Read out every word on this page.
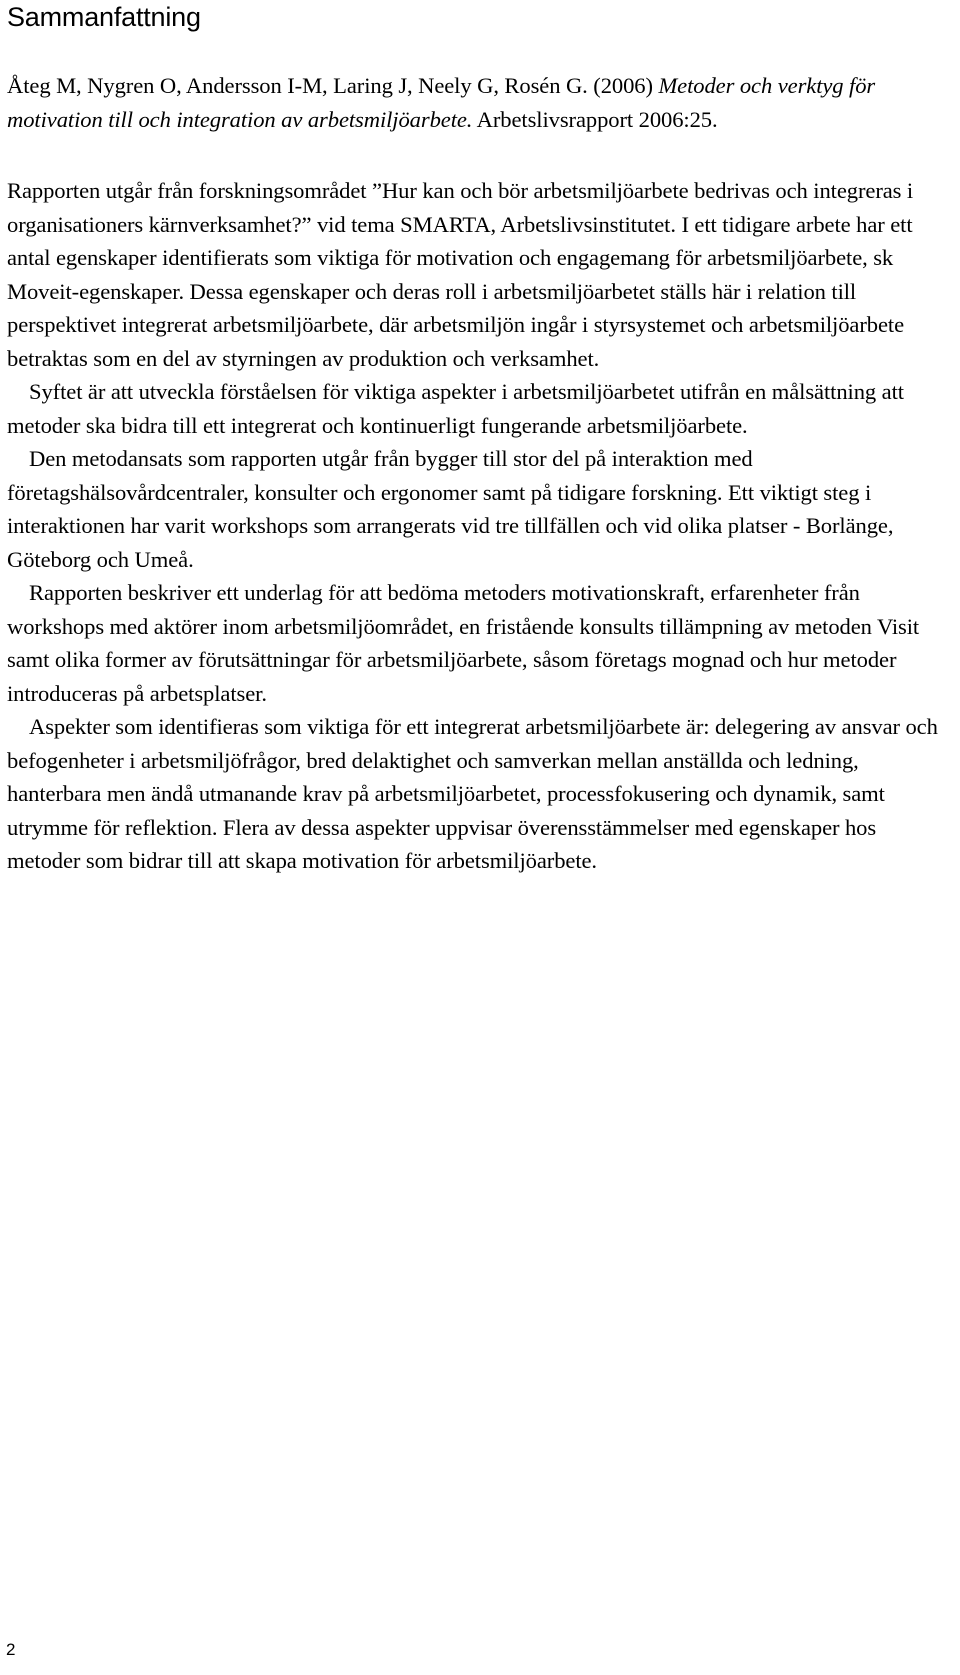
Sammanfattning

Åteg M, Nygren O, Andersson I-M, Laring J, Neely G, Rosén G. (2006) Metoder och verktyg för motivation till och integration av arbetsmiljöarbete. Arbetslivsrapport 2006:25.

Rapporten utgår från forskningsområdet ”Hur kan och bör arbetsmiljöarbete bedrivas och integreras i organisationers kärnverksamhet?” vid tema SMARTA, Arbetslivsinstitutet. I ett tidigare arbete har ett antal egenskaper identifierats som viktiga för motivation och engagemang för arbetsmiljöarbete, sk Moveit-egenskaper. Dessa egenskaper och deras roll i arbetsmiljöarbetet ställs här i relation till perspektivet integrerat arbetsmiljöarbete, där arbetsmiljön ingår i styrsystemet och arbetsmiljöarbete betraktas som en del av styrningen av produktion och verksamhet.

Syftet är att utveckla förståelsen för viktiga aspekter i arbetsmiljöarbetet utifrån en målsättning att metoder ska bidra till ett integrerat och kontinuerligt fungerande arbetsmiljöarbete.

Den metodansats som rapporten utgår från bygger till stor del på interaktion med företagshälsovårdcentraler, konsulter och ergonomer samt på tidigare forskning. Ett viktigt steg i interaktionen har varit workshops som arrangerats vid tre tillfällen och vid olika platser - Borlänge, Göteborg och Umeå.

Rapporten beskriver ett underlag för att bedöma metoders motivationskraft, erfarenheter från workshops med aktörer inom arbetsmiljöområdet, en fristående konsults tillämpning av metoden Visit samt olika former av förutsättningar för arbetsmiljöarbete, såsom företags mognad och hur metoder introduceras på arbetsplatser.

Aspekter som identifieras som viktiga för ett integrerat arbetsmiljöarbete är: delegering av ansvar och befogenheter i arbetsmiljöfrågor, bred delaktighet och samverkan mellan anställda och ledning, hanterbara men ändå utmanande krav på arbetsmiljöarbetet, processfokusering och dynamik, samt utrymme för reflektion. Flera av dessa aspekter uppvisar överensstämmelser med egenskaper hos metoder som bidrar till att skapa motivation för arbetsmiljöarbete.

2
